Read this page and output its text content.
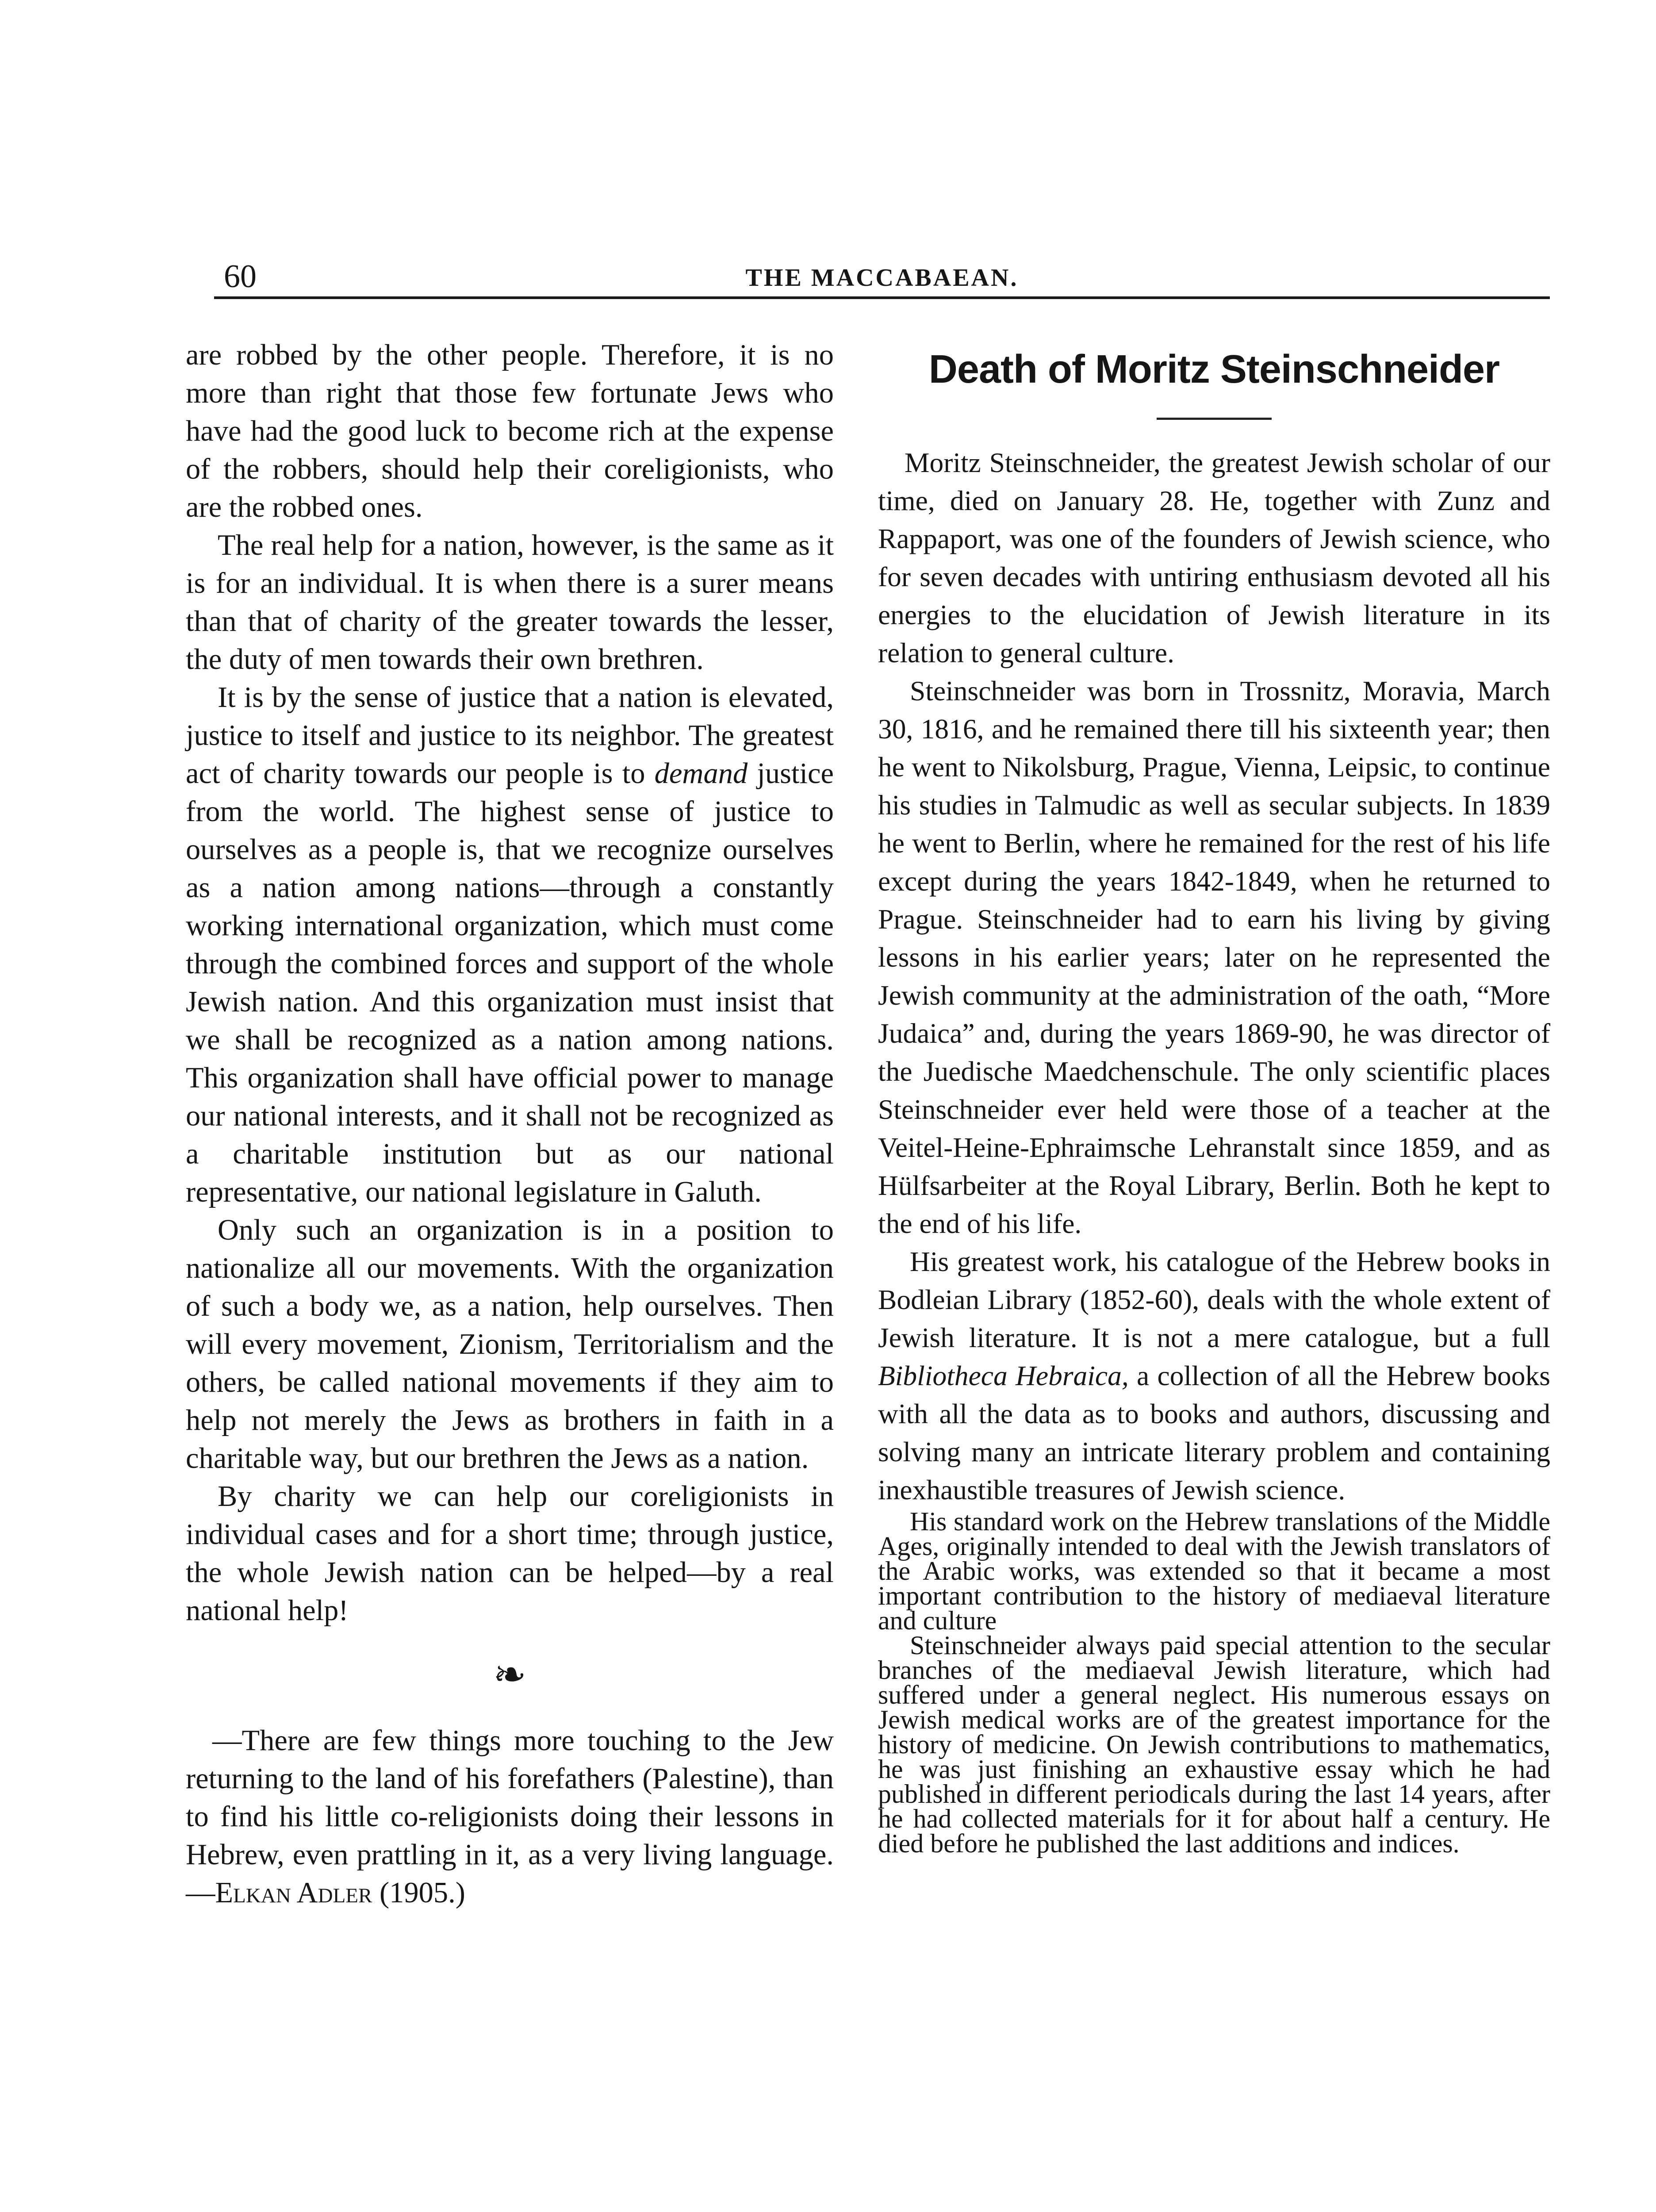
60	THE MACCABAEAN.

are robbed by the other people. Therefore, it is no more than right that those few fortunate Jews who have had the good luck to become rich at the expense of the robbers, should help their coreligionists, who are the robbed ones.

The real help for a nation, however, is the same as it is for an individual. It is when there is a surer means than that of charity of the greater towards the lesser, the duty of men towards their own brethren.

It is by the sense of justice that a nation is elevated, justice to itself and justice to its neighbor. The greatest act of charity towards our people is to demand justice from the world. The highest sense of justice to ourselves as a people is, that we recognize ourselves as a nation among nations—through a constantly working international organization, which must come through the combined forces and support of the whole Jewish nation. And this organization must insist that we shall be recognized as a nation among nations. This organization shall have official power to manage our national interests, and it shall not be recognized as a charitable institution but as our national representative, our national legislature in Galuth.

Only such an organization is in a position to nationalize all our movements. With the organization of such a body we, as a nation, help ourselves. Then will every movement, Zionism, Territorialism and the others, be called national movements if they aim to help not merely the Jews as brothers in faith in a charitable way, but our brethren the Jews as a nation.

By charity we can help our coreligionists in individual cases and for a short time; through justice, the whole Jewish nation can be helped—by a real national help!

❧

—There are few things more touching to the Jew returning to the land of his forefathers (Palestine), than to find his little co-religionists doing their lessons in Hebrew, even prattling in it, as a very living language.—Elkan Adler (1905.)

Death of Moritz Steinschneider

Moritz Steinschneider, the greatest Jewish scholar of our time, died on January 28. He, together with Zunz and Rappaport, was one of the founders of Jewish science, who for seven decades with untiring enthusiasm devoted all his energies to the elucidation of Jewish literature in its relation to general culture.

Steinschneider was born in Trossnitz, Moravia, March 30, 1816, and he remained there till his sixteenth year; then he went to Nikolsburg, Prague, Vienna, Leipsic, to continue his studies in Talmudic as well as secular subjects. In 1839 he went to Berlin, where he remained for the rest of his life except during the years 1842-1849, when he returned to Prague. Steinschneider had to earn his living by giving lessons in his earlier years; later on he represented the Jewish community at the administration of the oath, “More Judaica” and, during the years 1869-90, he was director of the Juedische Maedchenschule. The only scientific places Steinschneider ever held were those of a teacher at the Veitel-Heine-Ephraimsche Lehranstalt since 1859, and as Hülfsarbeiter at the Royal Library, Berlin. Both he kept to the end of his life.

His greatest work, his catalogue of the Hebrew books in Bodleian Library (1852-60), deals with the whole extent of Jewish literature. It is not a mere catalogue, but a full Bibliotheca Hebraica, a collection of all the Hebrew books with all the data as to books and authors, discussing and solving many an intricate literary problem and containing inexhaustible treasures of Jewish science.

His standard work on the Hebrew translations of the Middle Ages, originally intended to deal with the Jewish translators of the Arabic works, was extended so that it became a most important contribution to the history of mediaeval literature and culture

Steinschneider always paid special attention to the secular branches of the mediaeval Jewish literature, which had suffered under a general neglect. His numerous essays on Jewish medical works are of the greatest importance for the history of medicine. On Jewish contributions to mathematics, he was just finishing an exhaustive essay which he had published in different periodicals during the last 14 years, after he had collected materials for it for about half a century. He died before he published the last additions and indices.
